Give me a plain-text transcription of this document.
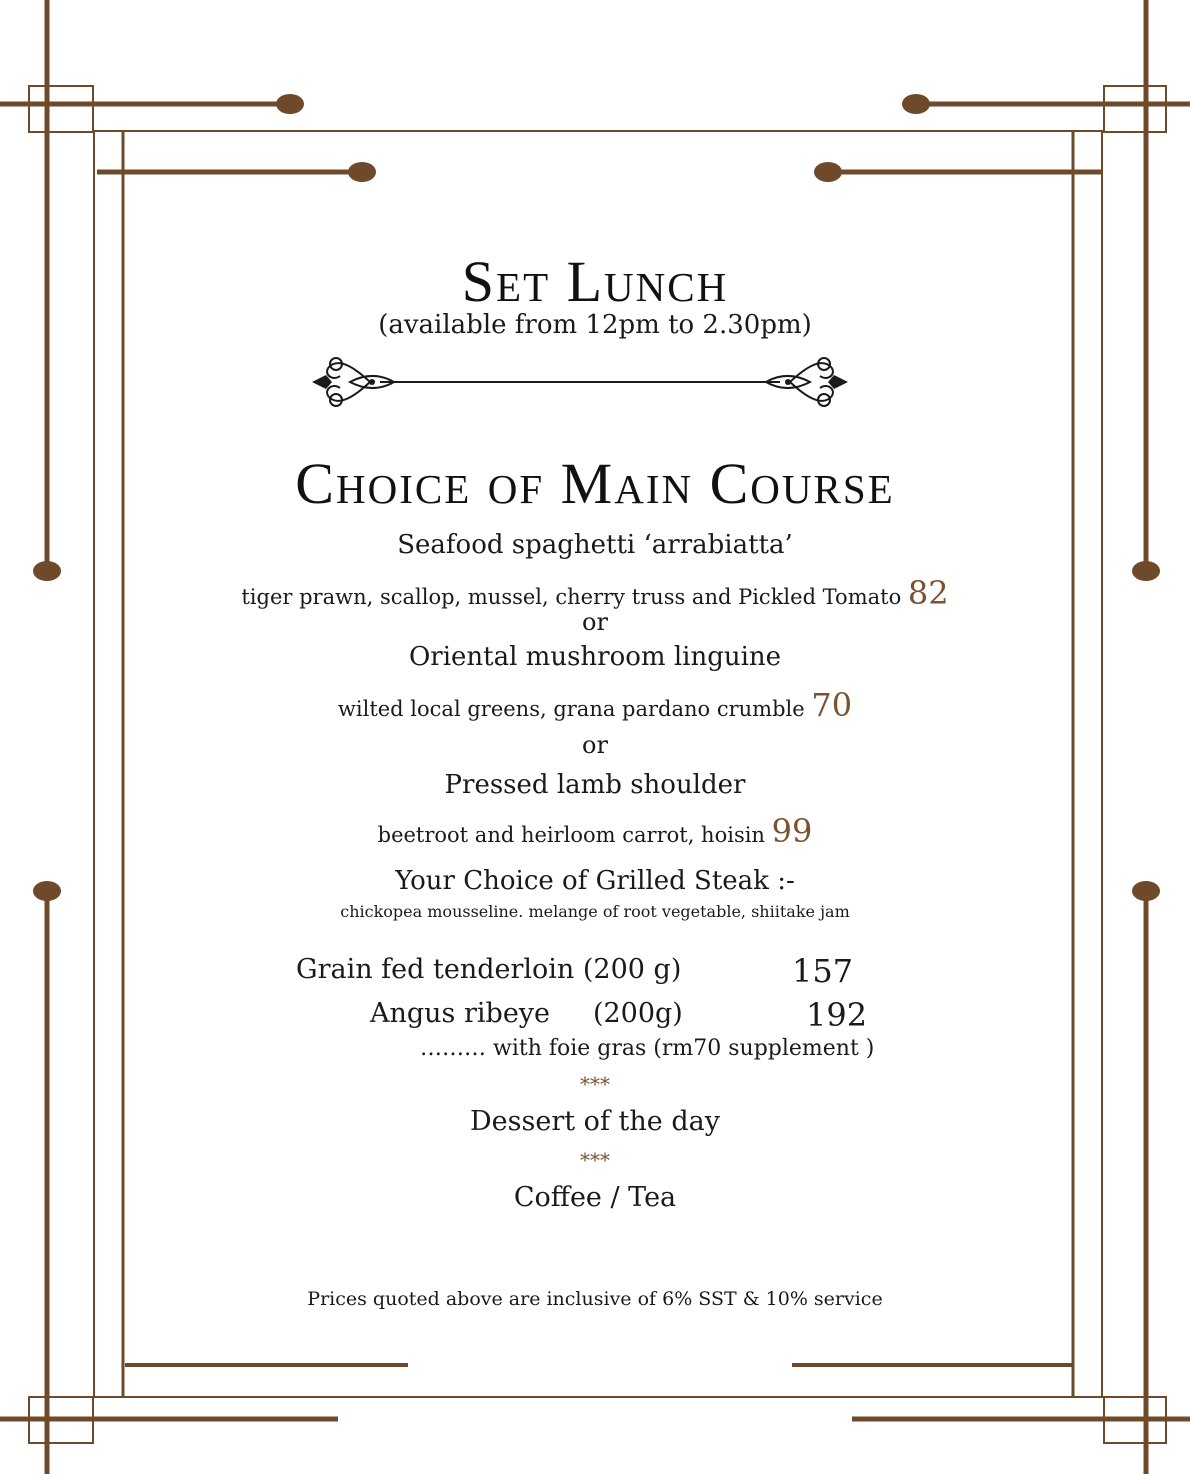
Set Lunch
(available from 12pm to 2.30pm)
Choice of Main Course
Seafood spaghetti ‘arrabiatta’
tiger prawn, scallop, mussel, cherry truss and Pickled Tomato 82
or
Oriental mushroom linguine
wilted local greens, grana pardano crumble 70
or
Pressed lamb shoulder
beetroot and heirloom carrot, hoisin 99
Your Choice of Grilled Steak :-
chickopea mousseline. melange of root vegetable, shiitake jam
Grain fed tenderloin (200 g)	157
Angus ribeye     (200g)	192
……… with foie gras (rm70 supplement )
***
Dessert of the day
***
Coffee / Tea
Prices quoted above are inclusive of 6% SST & 10% service
